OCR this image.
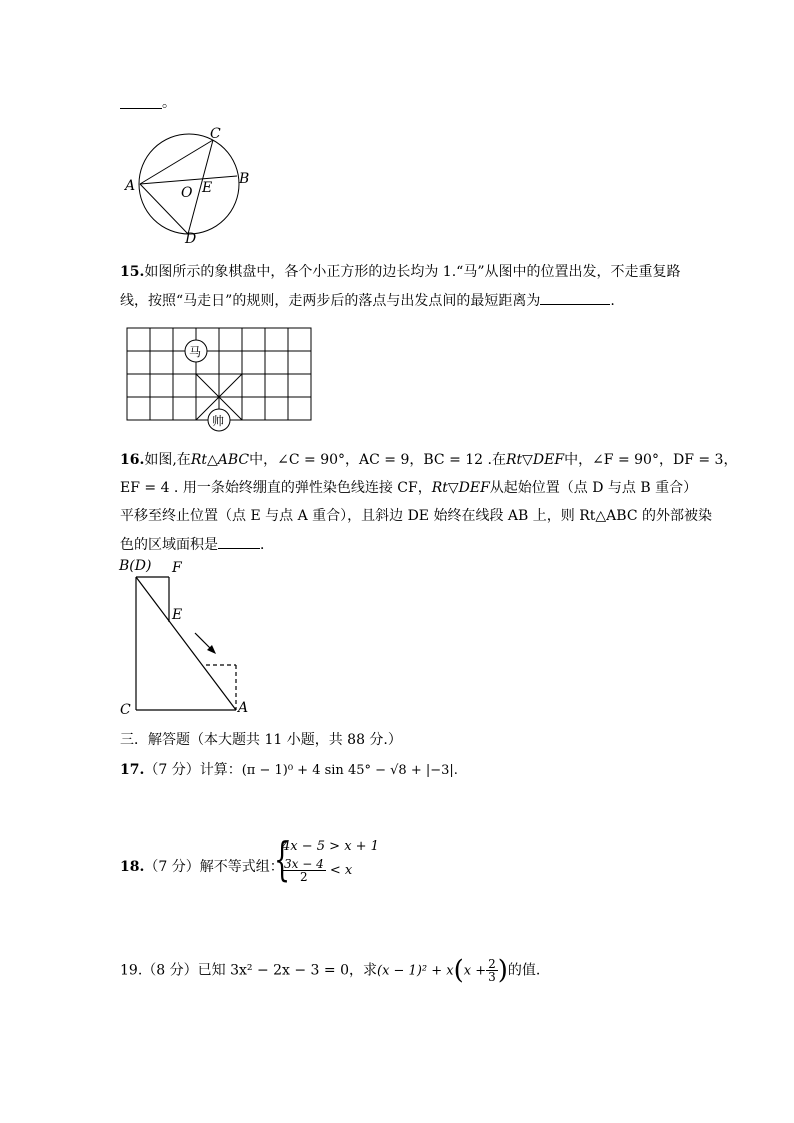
。
C
A	B
O E
D
15.如图所示的象棋盘中，各个小正方形的边长均为 1.“马”从图中的位置出发，不走重复路
线，按照“马走日”的规则，走两步后的落点与出发点间的最短距离为	.
马
帅
16.如图,在Rt△ABC中，∠C = 90°，AC = 9，BC = 12 .在Rt▽DEF中，∠F = 90°，DF = 3，
EF = 4 . 用一条始终绷直的弹性染色线连接 CF，Rt▽DEF从起始位置（点 D 与点 B 重合）
平移至终止位置（点 E 与点 A 重合），且斜边 DE 始终在线段 AB 上，则 Rt△ABC 的外部被染
色的区域面积是	．
B(D) F
E
C	A
三．解答题（本大题共 11 小题，共 88 分.）
17.（7 分）计算：(π − 1)⁰ + 4 sin 45° − √8 + |−3|.
18.（7 分）解不等式组：
{
4x − 5 > x + 1
$\frac{3x - 4}{2} < x$
19.（8 分）已知 3x² − 2x − 3 = 0，求$(x - 1)^2 + x(x + \frac{2}{3}$ )的值.
